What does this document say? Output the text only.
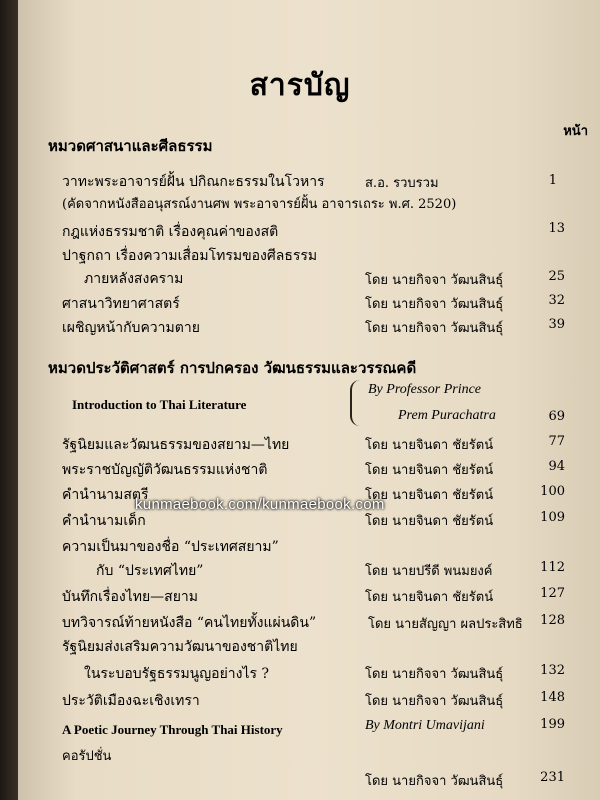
สารบัญ
หน้า
หมวดศาสนาและศีลธรรม
วาทะพระอาจารย์ฝั้น ปกิณกะธรรมในโวหาร	ส.อ. รวบรวม	1
(คัดจากหนังสืออนุสรณ์งานศพ พระอาจารย์ฝั้น อาจารเถระ พ.ศ. 2520)
กฎแห่งธรรมชาติ เรื่องคุณค่าของสติ	13
ปาฐกถา เรื่องความเสื่อมโทรมของศีลธรรม
ภายหลังสงคราม	โดย นายกิจจา วัฒนสินธุ์	25
ศาสนาวิทยาศาสตร์	โดย นายกิจจา วัฒนสินธุ์	32
เผชิญหน้ากับความตาย	โดย นายกิจจา วัฒนสินธุ์	39
หมวดประวัติศาสตร์ การปกครอง วัฒนธรรมและวรรณคดี
Introduction to Thai Literature
By Professor Prince
Prem Purachatra	69
รัฐนิยมและวัฒนธรรมของสยาม—ไทย	โดย นายจินดา ชัยรัตน์	77
พระราชบัญญัติวัฒนธรรมแห่งชาติ	โดย นายจินดา ชัยรัตน์	94
คำนำนามสตรี	โดย นายจินดา ชัยรัตน์	100
kunmaebook.com/kunmaebook.com
คำนำนามเด็ก	โดย นายจินดา ชัยรัตน์	109
ความเป็นมาของชื่อ “ประเทศสยาม”
กับ “ประเทศไทย”	โดย นายปรีดี พนมยงค์	112
บันทึกเรื่องไทย—สยาม	โดย นายจินดา ชัยรัตน์	127
บทวิจารณ์ท้ายหนังสือ “คนไทยทั้งแผ่นดิน”	โดย นายสัญญา ผลประสิทธิ	128
รัฐนิยมส่งเสริมความวัฒนาของชาติไทย
ในระบอบรัฐธรรมนูญอย่างไร ?	โดย นายกิจจา วัฒนสินธุ์	132
ประวัติเมืองฉะเชิงเทรา	โดย นายกิจจา วัฒนสินธุ์	148
A Poetic Journey Through Thai History	By Montri Umavijani	199
คอรัปชั่น
โดย นายกิจจา วัฒนสินธุ์	231
